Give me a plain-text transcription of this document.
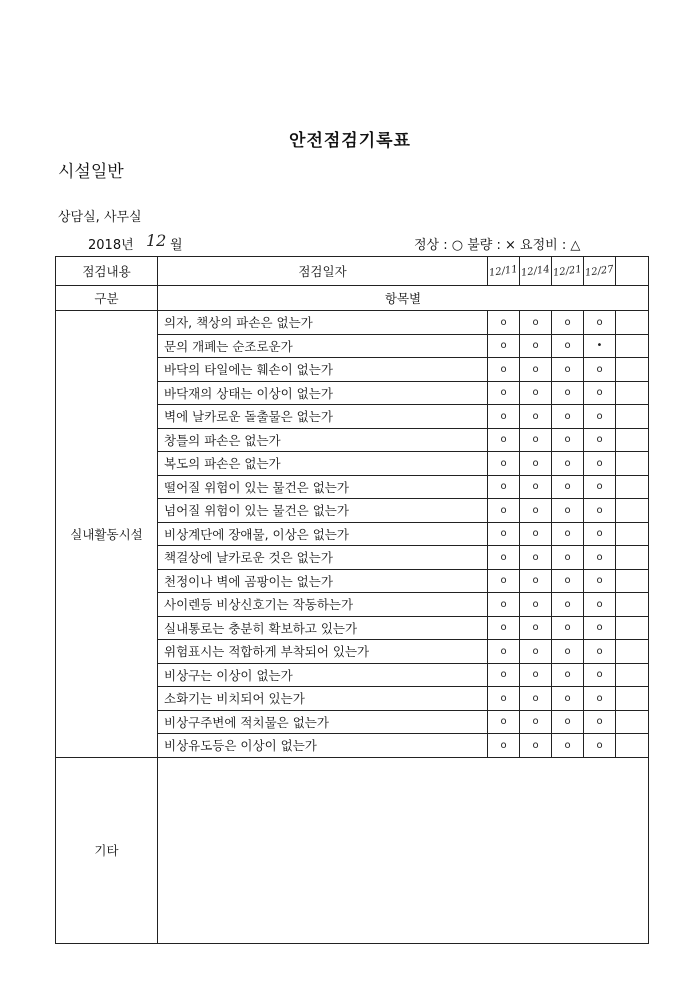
안전점검기록표
시설일반
상담실, 사무실
2018년 12 월	정상 : ○ 불량 : × 요정비 : △
점검내용	점검일자	12/11	12/14	12/21	12/27	
구분	항목별					
실내활동시설	의자, 책상의 파손은 없는가	o	o	o	o	
	문의 개폐는 순조로운가	o	o	o	•	
	바닥의 타일에는 훼손이 없는가	o	o	o	o	
	바닥재의 상태는 이상이 없는가	o	o	o	o	
	벽에 날카로운 돌출물은 없는가	o	o	o	o	
	창틀의 파손은 없는가	o	o	o	o	
	복도의 파손은 없는가	o	o	o	o	
	떨어질 위험이 있는 물건은 없는가	o	o	o	o	
	넘어질 위험이 있는 물건은 없는가	o	o	o	o	
	비상계단에 장애물, 이상은 없는가	o	o	o	o	
	책걸상에 날카로운 것은 없는가	o	o	o	o	
	천정이나 벽에 곰팡이는 없는가	o	o	o	o	
	사이렌등 비상신호기는 작동하는가	o	o	o	o	
	실내통로는 충분히 확보하고 있는가	o	o	o	o	
	위험표시는 적합하게 부착되어 있는가	o	o	o	o	
	비상구는 이상이 없는가	o	o	o	o	
	소화기는 비치되어 있는가	o	o	o	o	
	비상구주변에 적치물은 없는가	o	o	o	o	
	비상유도등은 이상이 없는가	o	o	o	o	
기타						
